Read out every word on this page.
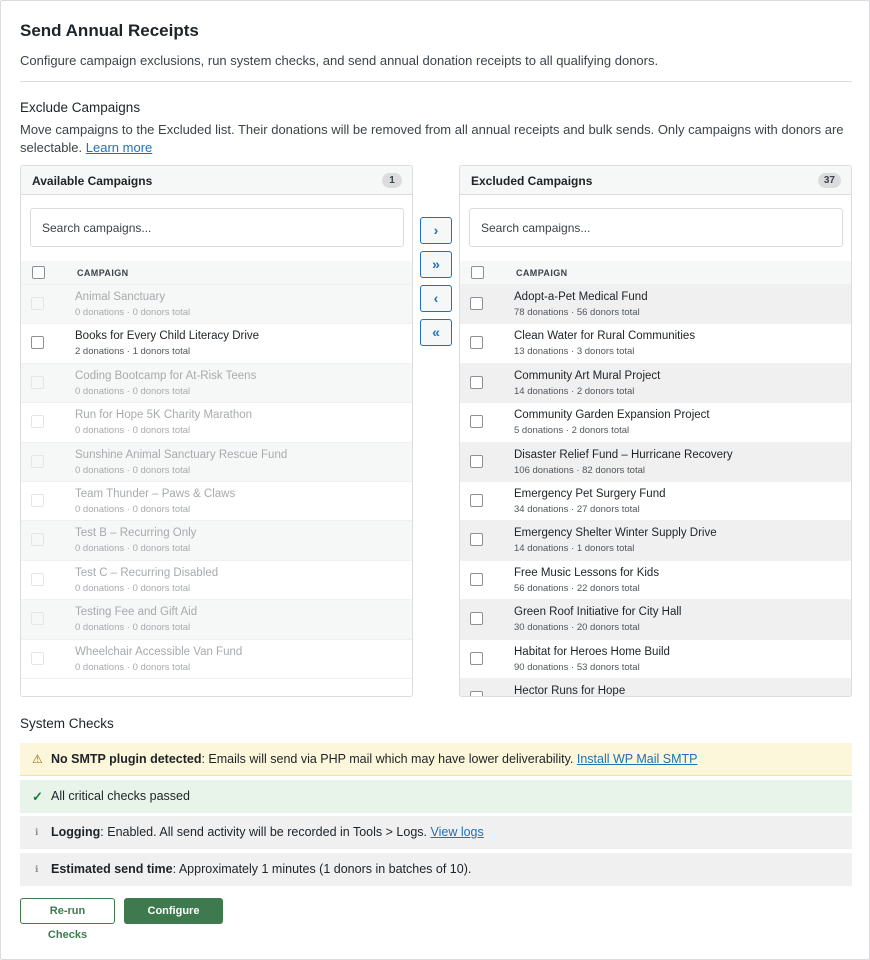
Send Annual Receipts
Configure campaign exclusions, run system checks, and send annual donation receipts to all qualifying donors.
Exclude Campaigns
Move campaigns to the Excluded list. Their donations will be removed from all annual receipts and bulk sends. Only campaigns with donors are selectable. Learn more
Available Campaigns	1
Search campaigns...
CAMPAIGN
Animal Sanctuary
0 donations · 0 donors total
Books for Every Child Literacy Drive
2 donations · 1 donors total
Coding Bootcamp for At-Risk Teens
0 donations · 0 donors total
Run for Hope 5K Charity Marathon
0 donations · 0 donors total
Sunshine Animal Sanctuary Rescue Fund
0 donations · 0 donors total
Team Thunder – Paws & Claws
0 donations · 0 donors total
Test B – Recurring Only
0 donations · 0 donors total
Test C – Recurring Disabled
0 donations · 0 donors total
Testing Fee and Gift Aid
0 donations · 0 donors total
Wheelchair Accessible Van Fund
0 donations · 0 donors total
›
»
‹
«
Excluded Campaigns	37
Search campaigns...
CAMPAIGN
Adopt-a-Pet Medical Fund
78 donations · 56 donors total
Clean Water for Rural Communities
13 donations · 3 donors total
Community Art Mural Project
14 donations · 2 donors total
Community Garden Expansion Project
5 donations · 2 donors total
Disaster Relief Fund – Hurricane Recovery
106 donations · 82 donors total
Emergency Pet Surgery Fund
34 donations · 27 donors total
Emergency Shelter Winter Supply Drive
14 donations · 1 donors total
Free Music Lessons for Kids
56 donations · 22 donors total
Green Roof Initiative for City Hall
30 donations · 20 donors total
Habitat for Heroes Home Build
90 donations · 53 donors total
Hector Runs for Hope
System Checks
⚠ No SMTP plugin detected: Emails will send via PHP mail which may have lower deliverability. Install WP Mail SMTP
✓ All critical checks passed
ℹ Logging: Enabled. All send activity will be recorded in Tools > Logs. View logs
ℹ Estimated send time: Approximately 1 minutes (1 donors in batches of 10).
Re-run Checks
Configure Send
